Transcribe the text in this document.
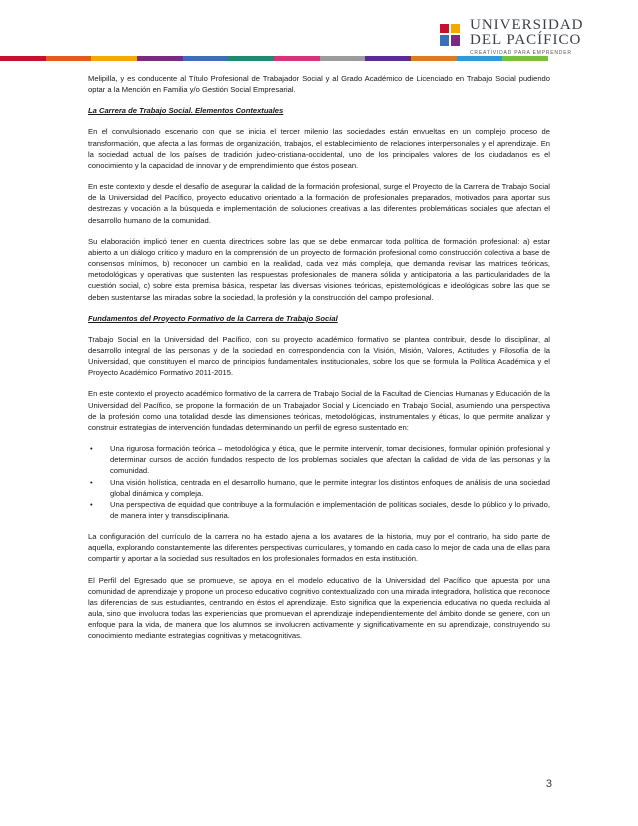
UNIVERSIDAD
DEL PACÍFICO
CREATIVIDAD PARA EMPRENDER

Melipilla, y es conducente al Título Profesional de Trabajador Social y al Grado Académico de Licenciado en Trabajo Social pudiendo optar a la Mención en Familia y/o Gestión Social Empresarial.

La Carrera de Trabajo Social. Elementos Contextuales

En el convulsionado escenario con que se inicia el tercer milenio las sociedades están envueltas en un complejo proceso de transformación, que afecta a las formas de organización, trabajos, el establecimiento de relaciones interpersonales y el aprendizaje. En la sociedad actual de los países de tradición judeo-cristiana-occidental, uno de los principales valores de los ciudadanos es el conocimiento y la capacidad de innovar y de emprendimiento que éstos posean.

En este contexto y desde el desafío de asegurar la calidad de la formación profesional, surge el Proyecto de la Carrera de Trabajo Social de la Universidad del Pacífico, proyecto educativo orientado a la formación de profesionales preparados, motivados para aportar sus destrezas y vocación a la búsqueda e implementación de soluciones creativas a las diferentes problemáticas sociales que afectan el desarrollo humano de la comunidad.

Su elaboración implicó tener en cuenta directrices sobre las que se debe enmarcar toda política de formación profesional: a) estar abierto a un diálogo crítico y maduro en la comprensión de un proyecto de formación profesional como construcción colectiva a base de consensos mínimos, b) reconocer un cambio en la realidad, cada vez más compleja, que demanda revisar las matrices teóricas, metodológicas y operativas que sustenten las respuestas profesionales de manera sólida y anticipatoria a las particularidades de la cuestión social, c) sobre esta premisa básica, respetar las diversas visiones teóricas, epistemológicas e ideológicas sobre las que se deben sustentarse las miradas sobre la sociedad, la profesión y la construcción del campo profesional.

Fundamentos del Proyecto Formativo de la Carrera de Trabajo Social

Trabajo Social en la Universidad del Pacífico, con su proyecto académico formativo se plantea contribuir, desde lo disciplinar, al desarrollo integral de las personas y de la sociedad en correspondencia con la Visión, Misión, Valores, Actitudes y Filosofía de la Universidad, que constituyen el marco de principios fundamentales institucionales, sobre los que se formula la Política Académica y el Proyecto Académico Formativo 2011-2015.

En este contexto el proyecto académico formativo de la carrera de Trabajo Social de la Facultad de Ciencias Humanas y Educación de la Universidad del Pacífico, se propone la formación de un Trabajador Social y Licenciado en Trabajo Social, asumiendo una perspectiva de la profesión como una totalidad desde las dimensiones teóricas, metodológicas, instrumentales y éticas, lo que permite analizar y construir estrategias de intervención fundadas determinando un perfil de egreso sustentado en:

• Una rigurosa formación teórica – metodológica y ética, que le permite intervenir, tomar decisiones, formular opinión profesional y determinar cursos de acción fundados respecto de los problemas sociales que afectan la calidad de vida de las personas y la comunidad.
• Una visión holística, centrada en el desarrollo humano, que le permite integrar los distintos enfoques de análisis de una sociedad global dinámica y compleja.
• Una perspectiva de equidad que contribuye a la formulación e implementación de políticas sociales, desde lo público y lo privado, de manera inter y transdisciplinaria.

La configuración del currículo de la carrera no ha estado ajena a los avatares de la historia, muy por el contrario, ha sido parte de aquella, explorando constantemente las diferentes perspectivas curriculares, y tomando en cada caso lo mejor de cada una de ellas para compartir y aportar a la sociedad sus resultados en los profesionales formados en esta institución.

El Perfil del Egresado que se promueve, se apoya en el modelo educativo de la Universidad del Pacífico que apuesta por una comunidad de aprendizaje y propone un proceso educativo cognitivo contextualizado con una mirada integradora, holística que reconoce las diferencias de sus estudiantes, centrando en éstos el aprendizaje. Esto significa que la experiencia educativa no queda recluida al aula, sino que involucra todas las experiencias que promuevan el aprendizaje independientemente del ámbito donde se genere, con un enfoque para la vida, de manera que los alumnos se involucren activamente y significativamente en su aprendizaje, construyendo su conocimiento mediante estrategias cognitivas y metacognitivas.

3
